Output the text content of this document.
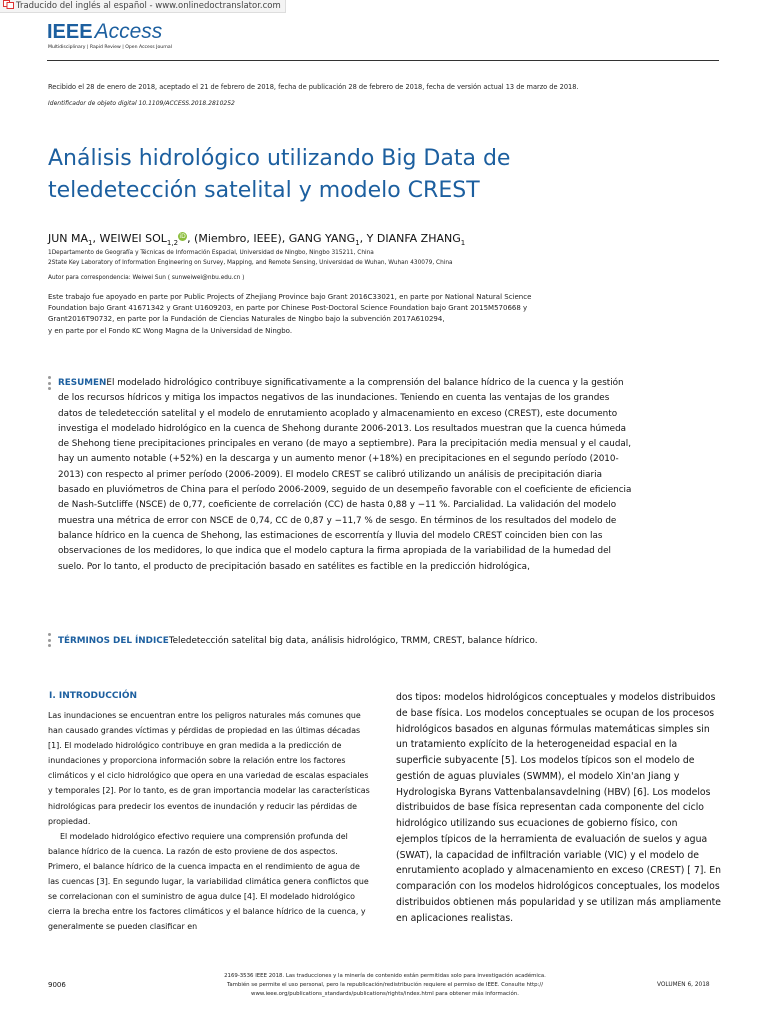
Traducido del inglés al español - www.onlinedoctranslator.com
IEEEAccess
Multidisciplinary | Rapid Review | Open Access Journal
Recibido el 28 de enero de 2018, aceptado el 21 de febrero de 2018, fecha de publicación 28 de febrero de 2018, fecha de versión actual 13 de marzo de 2018.
Identificador de objeto digital 10.1109/ACCESS.2018.2810252
Análisis hidrológico utilizando Big Data de
teledetección satelital y modelo CREST
JUN $MA_1$, WEIWEI $SOL_{1,2}iD$, (Miembro, IEEE), GANG $YANG_1$, Y DIANFA $ZHANG_1$
1Departamento de Geografía y Técnicas de Información Espacial, Universidad de Ningbo, Ningbo 315211, China
2State Key Laboratory of Information Engineering on Survey, Mapping, and Remote Sensing, Universidad de Wuhan, Wuhan 430079, China
Autor para correspondencia: Weiwei Sun ( sunweiwei@nbu.edu.cn )
Este trabajo fue apoyado en parte por Public Projects of Zhejiang Province bajo Grant 2016C33021, en parte por National Natural Science
Foundation bajo Grant 41671342 y Grant U1609203, en parte por Chinese Post-Doctoral Science Foundation bajo Grant 2015M570668 y
Grant2016T90732, en parte por la Fundación de Ciencias Naturales de Ningbo bajo la subvención 2017A610294,
y en parte por el Fondo KC Wong Magna de la Universidad de Ningbo.
RESUMENEl modelado hidrológico contribuye significativamente a la comprensión del balance hídrico de la cuenca y la gestión de los recursos hídricos y mitiga los impactos negativos de las inundaciones. Teniendo en cuenta las ventajas de los grandes datos de teledetección satelital y el modelo de enrutamiento acoplado y almacenamiento en exceso (CREST), este documento investiga el modelado hidrológico en la cuenca de Shehong durante 2006-2013. Los resultados muestran que la cuenca húmeda de Shehong tiene precipitaciones principales en verano (de mayo a septiembre). Para la precipitación media mensual y el caudal, hay un aumento notable (+52%) en la descarga y un aumento menor (+18%) en precipitaciones en el segundo período (2010-2013) con respecto al primer período (2006-2009). El modelo CREST se calibró utilizando un análisis de precipitación diaria basado en pluviómetros de China para el período 2006-2009, seguido de un desempeño favorable con el coeficiente de eficiencia de Nash-Sutcliffe (NSCE) de 0,77, coeficiente de correlación (CC) de hasta 0,88 y −11 %. Parcialidad. La validación del modelo muestra una métrica de error con NSCE de 0,74, CC de 0,87 y −11,7 % de sesgo. En términos de los resultados del modelo de balance hídrico en la cuenca de Shehong, las estimaciones de escorrentía y lluvia del modelo CREST coinciden bien con las observaciones de los medidores, lo que indica que el modelo captura la firma apropiada de la variabilidad de la humedad del suelo. Por lo tanto, el producto de precipitación basado en satélites es factible en la predicción hidrológica,
TÉRMINOS DEL ÍNDICETeledetección satelital big data, análisis hidrológico, TRMM, CREST, balance hídrico.
I. INTRODUCCIÓN

Las inundaciones se encuentran entre los peligros naturales más comunes que han causado grandes víctimas y pérdidas de propiedad en las últimas décadas [1]. El modelado hidrológico contribuye en gran medida a la predicción de inundaciones y proporciona información sobre la relación entre los factores climáticos y el ciclo hidrológico que opera en una variedad de escalas espaciales y temporales [2]. Por lo tanto, es de gran importancia modelar las características hidrológicas para predecir los eventos de inundación y reducir las pérdidas de propiedad.

El modelado hidrológico efectivo requiere una comprensión profunda del balance hídrico de la cuenca. La razón de esto proviene de dos aspectos. Primero, el balance hídrico de la cuenca impacta en el rendimiento de agua de las cuencas [3]. En segundo lugar, la variabilidad climática genera conflictos que se correlacionan con el suministro de agua dulce [4]. El modelado hidrológico cierra la brecha entre los factores climáticos y el balance hídrico de la cuenca, y generalmente se pueden clasificar en

dos tipos: modelos hidrológicos conceptuales y modelos distribuidos de base física. Los modelos conceptuales se ocupan de los procesos hidrológicos basados en algunas fórmulas matemáticas simples sin un tratamiento explícito de la heterogeneidad espacial en la superficie subyacente [5]. Los modelos típicos son el modelo de gestión de aguas pluviales (SWMM), el modelo Xin'an Jiang y Hydrologiska Byrans Vattenbalansavdelning (HBV) [6]. Los modelos distribuidos de base física representan cada componente del ciclo hidrológico utilizando sus ecuaciones de gobierno físico, con ejemplos típicos de la herramienta de evaluación de suelos y agua (SWAT), la capacidad de infiltración variable (VIC) y el modelo de enrutamiento acoplado y almacenamiento en exceso (CREST) [ 7]. En comparación con los modelos hidrológicos conceptuales, los modelos distribuidos obtienen más popularidad y se utilizan más ampliamente en aplicaciones realistas.
9006
2169-3536 IEEE 2018. Las traducciones y la minería de contenido están permitidas solo para investigación académica.
También se permite el uso personal, pero la republicación/redistribución requiere el permiso de IEEE. Consulte http://
www.ieee.org/publications_standards/publications/rights/index.html para obtener más información.
VOLUMEN 6, 2018
